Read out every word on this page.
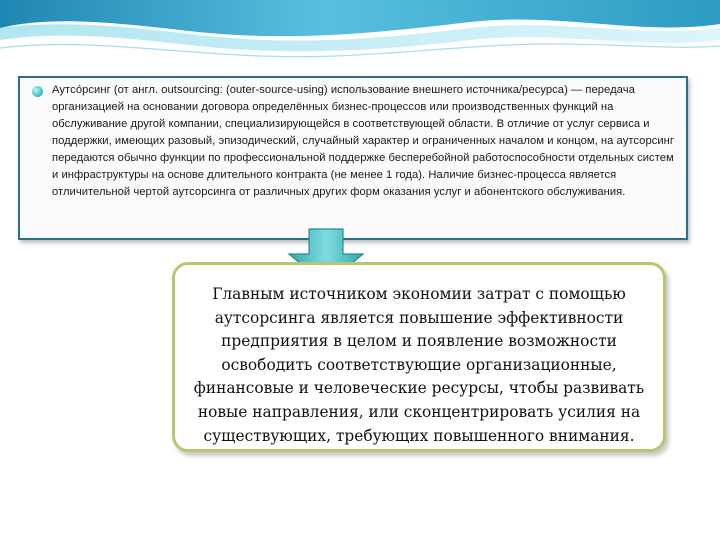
Аутсо́рсинг (от англ. outsourcing: (outer-source-using) использование внешнего источника/ресурса) — передача организацией на основании договора определённых бизнес-процессов или производственных функций на обслуживание другой компании, специализирующейся в соответствующей области. В отличие от услуг сервиса и поддержки, имеющих разовый, эпизодический, случайный характер и ограниченных началом и концом, на аутсорсинг передаются обычно функции по профессиональной поддержке бесперебойной работоспособности отдельных систем и инфраструктуры на основе длительного контракта (не менее 1 года). Наличие бизнес-процесса является отличительной чертой аутсорсинга от различных других форм оказания услуг и абонентского обслуживания.
Главным источником экономии затрат с помощью аутсорсинга является повышение эффективности предприятия в целом и появление возможности освободить соответствующие организационные, финансовые и человеческие ресурсы, чтобы развивать новые направления, или сконцентрировать усилия на существующих, требующих повышенного внимания.
